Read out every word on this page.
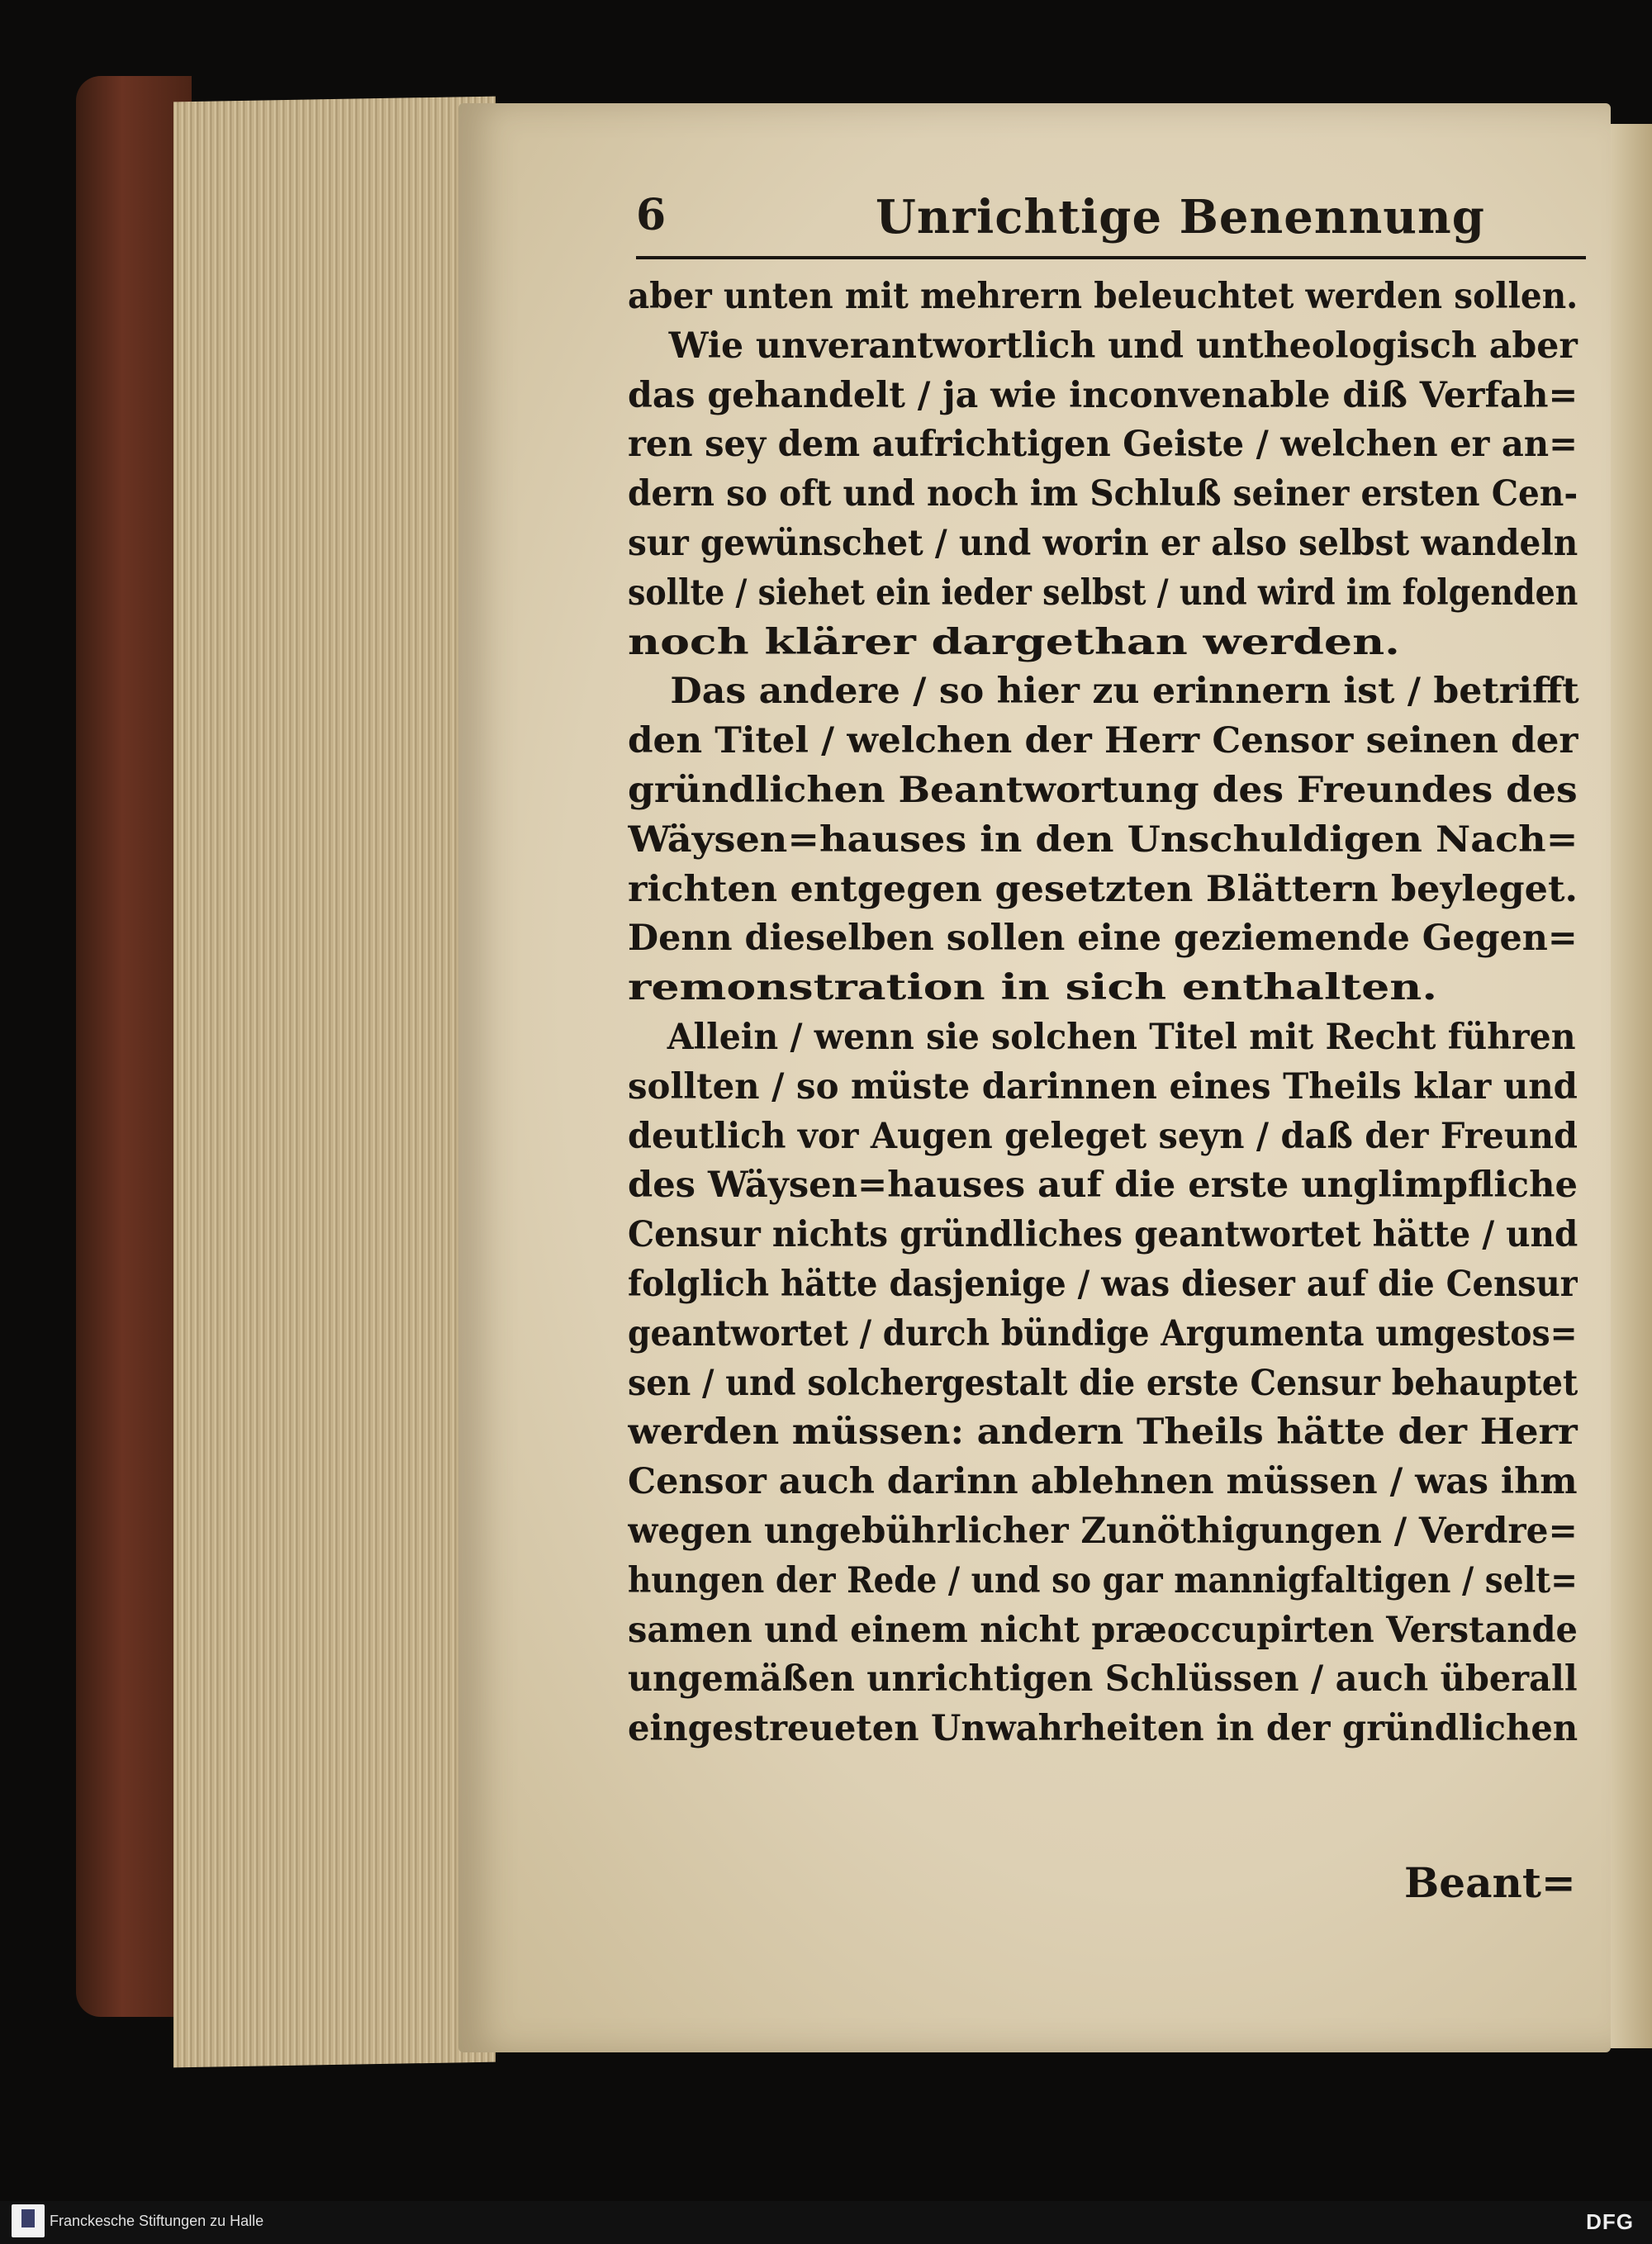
6	Unrichtige Benennung
aber unten mit mehrern beleuchtet werden sollen.
Wie unverantwortlich und untheologisch aber
das gehandelt / ja wie inconvenable diß Verfah=
ren sey dem aufrichtigen Geiste / welchen er an=
dern so oft und noch im Schluß seiner ersten Cen-
sur gewünschet / und worin er also selbst wandeln
sollte / siehet ein ieder selbst / und wird im folgenden
noch klärer dargethan werden.
Das andere / so hier zu erinnern ist / betrifft
den Titel / welchen der Herr Censor seinen der
gründlichen Beantwortung des Freundes des
Wäysen=hauses in den Unschuldigen Nach=
richten entgegen gesetzten Blättern beyleget.
Denn dieselben sollen eine geziemende Gegen=
remonstration in sich enthalten.
Allein / wenn sie solchen Titel mit Recht führen
sollten / so müste darinnen eines Theils klar und
deutlich vor Augen geleget seyn / daß der Freund
des Wäysen=hauses auf die erste unglimpfliche
Censur nichts gründliches geantwortet hätte / und
folglich hätte dasjenige / was dieser auf die Censur
geantwortet / durch bündige Argumenta umgestos=
sen / und solchergestalt die erste Censur behauptet
werden müssen: andern Theils hätte der Herr
Censor auch darinn ablehnen müssen / was ihm
wegen ungebührlicher Zunöthigungen / Verdre=
hungen der Rede / und so gar mannigfaltigen / selt=
samen und einem nicht præoccupirten Verstande
ungemäßen unrichtigen Schlüssen / auch überall
eingestreueten Unwahrheiten in der gründlichen
Beant=
Franckesche Stiftungen zu Halle	DFG
